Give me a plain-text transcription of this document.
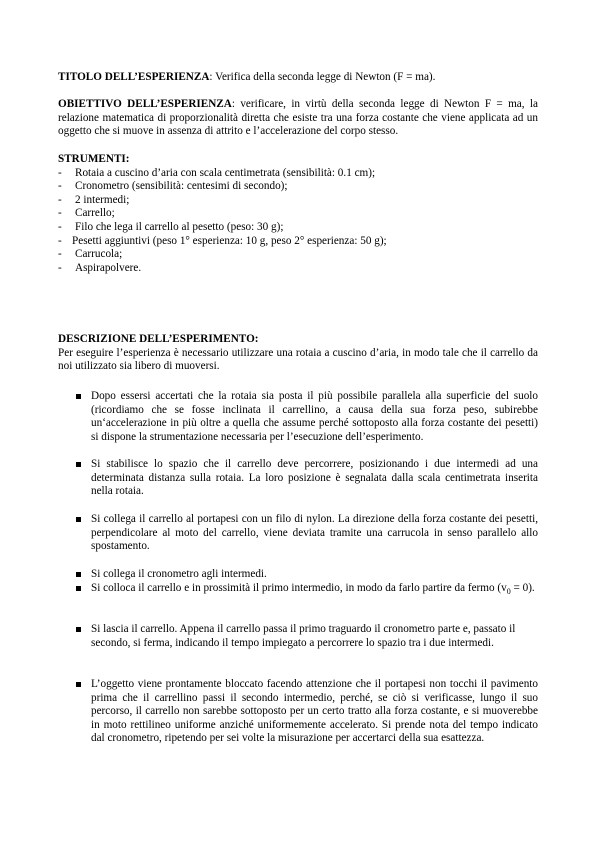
TITOLO DELL’ESPERIENZA: Verifica della seconda legge di Newton (F = ma).

OBIETTIVO DELL’ESPERIENZA: verificare, in virtù della seconda legge di Newton F = ma, la relazione matematica di proporzionalità diretta che esiste tra una forza costante che viene applicata ad un oggetto che si muove in assenza di attrito e l’accelerazione del corpo stesso.

STRUMENTI:
- Rotaia a cuscino d’aria con scala centimetrata (sensibilità: 0.1 cm);
- Cronometro (sensibilità: centesimi di secondo);
- 2 intermedi;
- Carrello;
- Filo che lega il carrello al pesetto (peso: 30 g);
- Pesetti aggiuntivi (peso 1° esperienza: 10 g, peso 2° esperienza: 50 g);
- Carrucola;
- Aspirapolvere.
DESCRIZIONE DELL’ESPERIMENTO:

Per eseguire l’esperienza è necessario utilizzare una rotaia a cuscino d’aria, in modo tale che il carrello da noi utilizzato sia libero di muoversi.

Dopo essersi accertati che la rotaia sia posta il più possibile parallela alla superficie del suolo (ricordiamo che se fosse inclinata il carrellino, a causa della sua forza peso, subirebbe un‘accelerazione in più oltre a quella che assume perché sottoposto alla forza costante dei pesetti) si dispone la strumentazione necessaria per l’esecuzione dell’esperimento.

Si stabilisce lo spazio che il carrello deve percorrere, posizionando i due intermedi ad una determinata distanza sulla rotaia. La loro posizione è segnalata dalla scala centimetrata inserita nella rotaia.

Si collega il carrello al portapesi con un filo di nylon. La direzione della forza costante dei pesetti, perpendicolare al moto del carrello, viene deviata tramite una carrucola in senso parallelo allo spostamento.

Si collega il cronometro agli intermedi.

Si colloca il carrello e in prossimità il primo intermedio, in modo da farlo partire da fermo $(v_0 = 0)$.

Si lascia il carrello. Appena il carrello passa il primo traguardo il cronometro parte e, passato il secondo, si ferma, indicando il tempo impiegato a percorrere lo spazio tra i due intermedi.

L’oggetto viene prontamente bloccato facendo attenzione che il portapesi non tocchi il pavimento prima che il carrellino passi il secondo intermedio, perché, se ciò si verificasse, lungo il suo percorso, il carrello non sarebbe sottoposto per un certo tratto alla forza costante, e si muoverebbe in moto rettilineo uniforme anziché uniformemente accelerato. Si prende nota del tempo indicato dal cronometro, ripetendo per sei volte la misurazione per accertarci della sua esattezza.
